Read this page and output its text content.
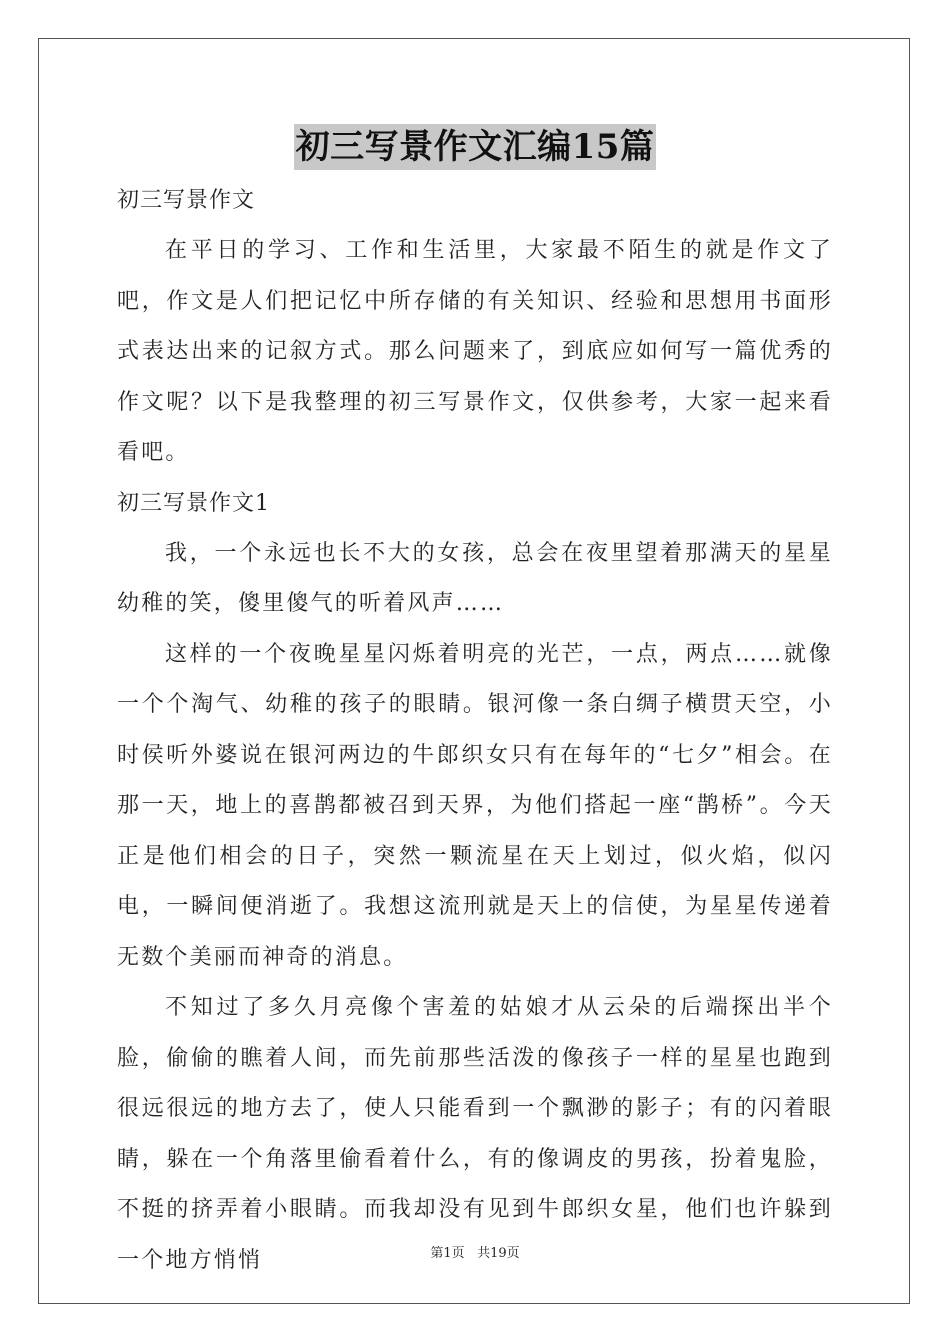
初三写景作文汇编15篇
初三写景作文

在平日的学习、工作和生活里，大家最不陌生的就是作文了吧，作文是人们把记忆中所存储的有关知识、经验和思想用书面形式表达出来的记叙方式。那么问题来了，到底应如何写一篇优秀的作文呢？以下是我整理的初三写景作文，仅供参考，大家一起来看看吧。

初三写景作文1

我，一个永远也长不大的女孩，总会在夜里望着那满天的星星幼稚的笑，傻里傻气的听着风声……

这样的一个夜晚星星闪烁着明亮的光芒，一点，两点……就像一个个淘气、幼稚的孩子的眼睛。银河像一条白绸子横贯天空，小时侯听外婆说在银河两边的牛郎织女只有在每年的“七夕”相会。在那一天，地上的喜鹊都被召到天界，为他们搭起一座“鹊桥”。今天正是他们相会的日子，突然一颗流星在天上划过，似火焰，似闪电，一瞬间便消逝了。我想这流刑就是天上的信使，为星星传递着无数个美丽而神奇的消息。

不知过了多久月亮像个害羞的姑娘才从云朵的后端探出半个脸，偷偷的瞧着人间，而先前那些活泼的像孩子一样的星星也跑到很远很远的地方去了，使人只能看到一个飘渺的影子；有的闪着眼睛，躲在一个角落里偷看着什么，有的像调皮的男孩，扮着鬼脸，不挺的挤弄着小眼睛。而我却没有见到牛郎织女星，他们也许躲到一个地方悄悄	第1页 共19页
